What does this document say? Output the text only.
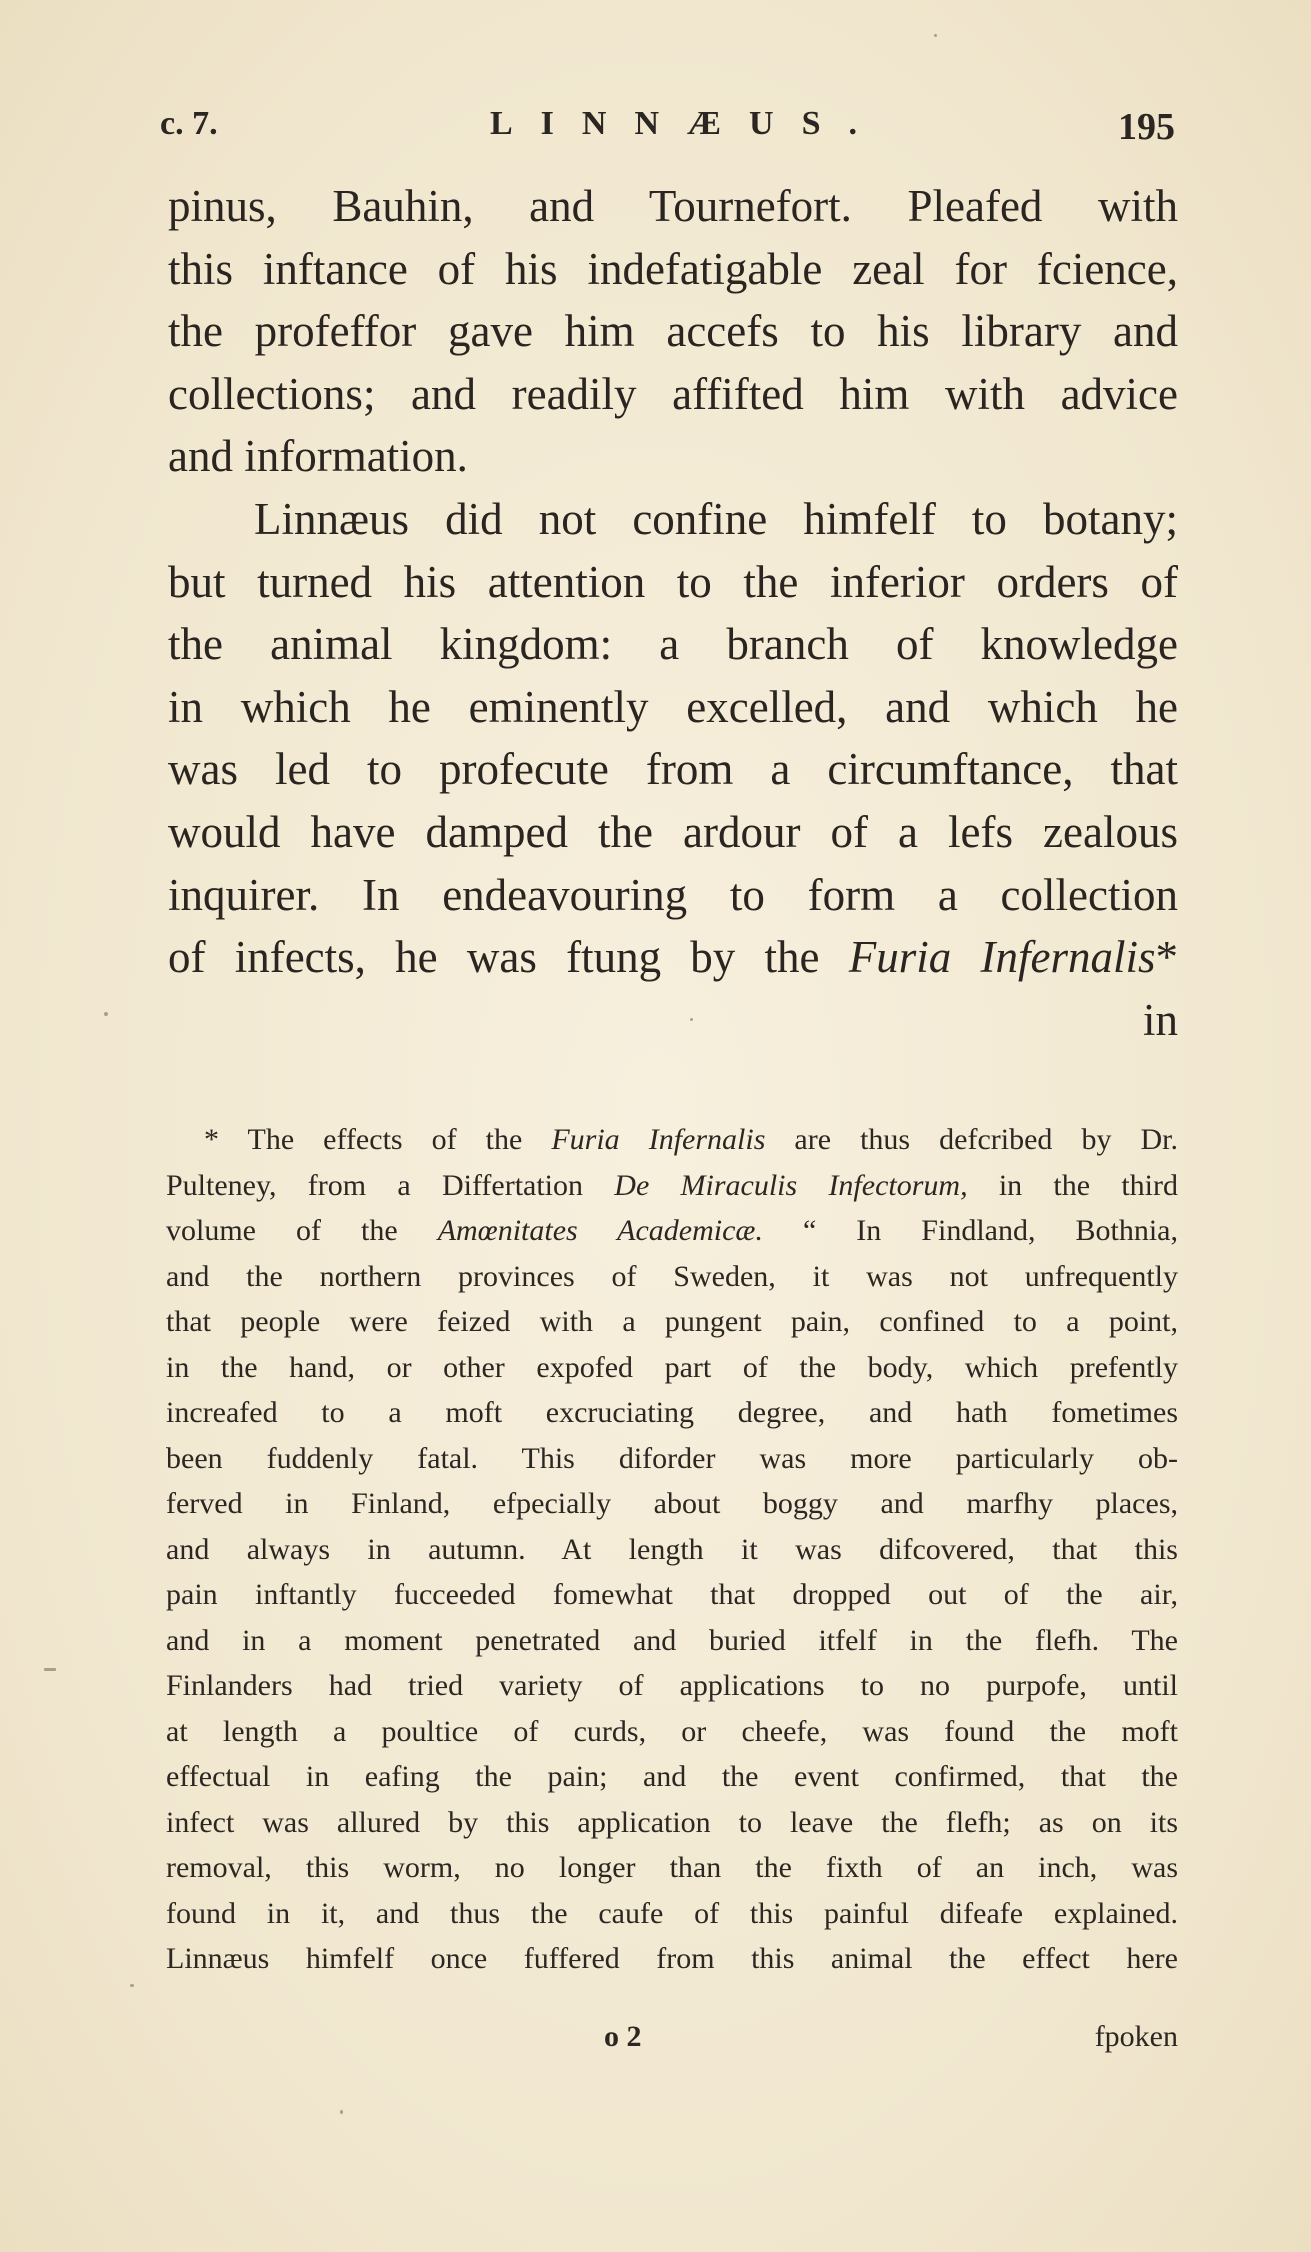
c. 7.	LINNÆUS.	195
pinus, Bauhin, and Tournefort. Pleafed with
this inftance of his indefatigable zeal for fcience,
the profeffor gave him accefs to his library and
collections; and readily affifted him with advice
and information.
Linnæus did not confine himfelf to botany;
but turned his attention to the inferior orders of
the animal kingdom: a branch of knowledge
in which he eminently excelled, and which he
was led to profecute from a circumftance, that
would have damped the ardour of a lefs zealous
inquirer. In endeavouring to form a collection
of infects, he was ftung by the Furia Infernalis*
in
* The effects of the Furia Infernalis are thus defcribed by Dr.
Pulteney, from a Differtation De Miraculis Infectorum, in the third
volume of the Amœnitates Academicæ. “ In Findland, Bothnia,
and the northern provinces of Sweden, it was not unfrequently
that people were feized with a pungent pain, confined to a point,
in the hand, or other expofed part of the body, which prefently
increafed to a moft excruciating degree, and hath fometimes
been fuddenly fatal. This diforder was more particularly ob-
ferved in Finland, efpecially about boggy and marfhy places,
and always in autumn. At length it was difcovered, that this
pain inftantly fucceeded fomewhat that dropped out of the air,
and in a moment penetrated and buried itfelf in the flefh. The
Finlanders had tried variety of applications to no purpofe, until
at length a poultice of curds, or cheefe, was found the moft
effectual in eafing the pain; and the event confirmed, that the
infect was allured by this application to leave the flefh; as on its
removal, this worm, no longer than the fixth of an inch, was
found in it, and thus the caufe of this painful difeafe explained.
Linnæus himfelf once fuffered from this animal the effect here
o 2	fpoken
